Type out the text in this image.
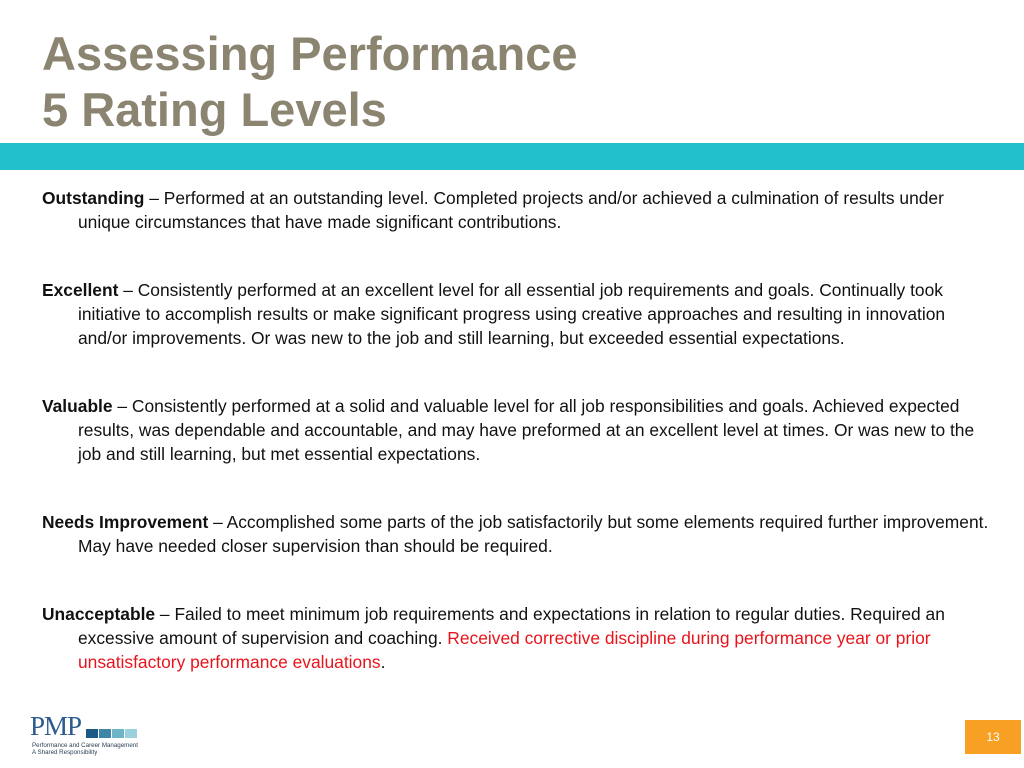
Assessing Performance
5 Rating Levels

Outstanding – Performed at an outstanding level. Completed projects and/or achieved a culmination of results under unique circumstances that have made significant contributions.

Excellent – Consistently performed at an excellent level for all essential job requirements and goals. Continually took initiative to accomplish results or make significant progress using creative approaches and resulting in innovation and/or improvements. Or was new to the job and still learning, but exceeded essential expectations.

Valuable – Consistently performed at a solid and valuable level for all job responsibilities and goals. Achieved expected results, was dependable and accountable, and may have preformed at an excellent level at times. Or was new to the job and still learning, but met essential expectations.

Needs Improvement – Accomplished some parts of the job satisfactorily but some elements required further improvement. May have needed closer supervision than should be required.

Unacceptable – Failed to meet minimum job requirements and expectations in relation to regular duties. Required an excessive amount of supervision and coaching. Received corrective discipline during performance year or prior unsatisfactory performance evaluations.

PMP
Performance and Career Management
A Shared Responsibility
13
